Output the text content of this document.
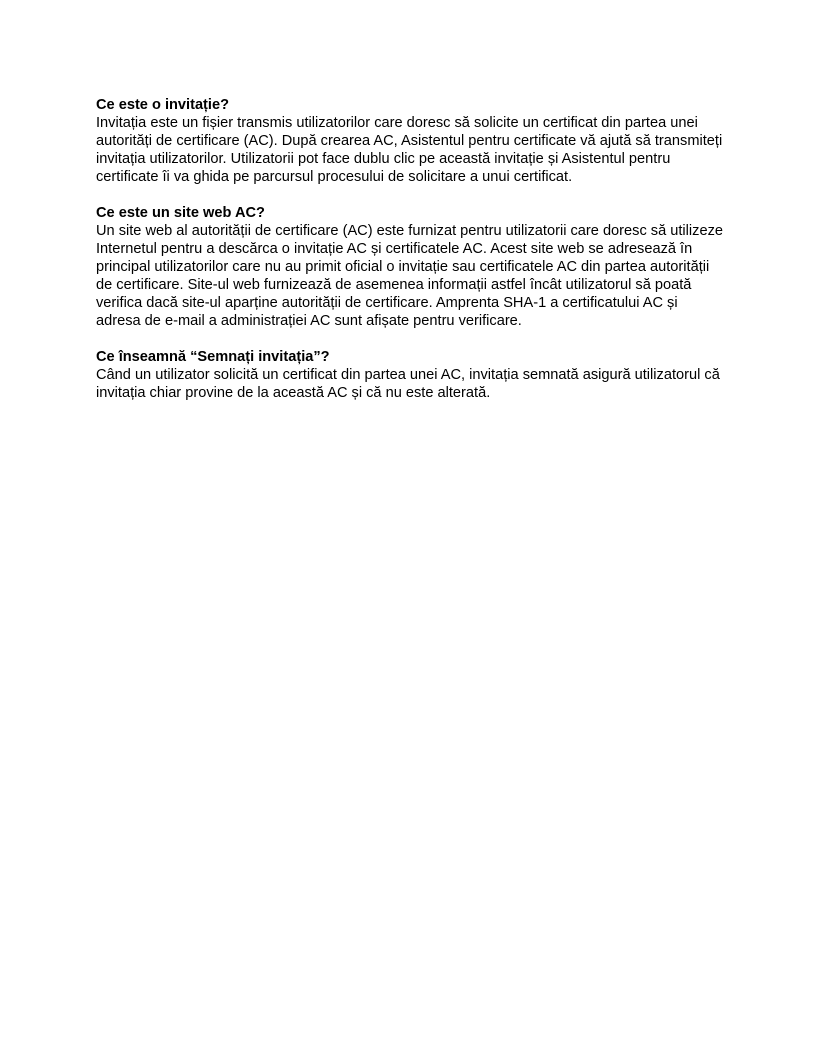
Ce este o invitație?

Invitația este un fișier transmis utilizatorilor care doresc să solicite un certificat din partea unei autorități de certificare (AC). După crearea AC, Asistentul pentru certificate vă ajută să transmiteți invitația utilizatorilor. Utilizatorii pot face dublu clic pe această invitație și Asistentul pentru certificate îi va ghida pe parcursul procesului de solicitare a unui certificat.

Ce este un site web AC?

Un site web al autorității de certificare (AC) este furnizat pentru utilizatorii care doresc să utilizeze Internetul pentru a descărca o invitație AC și certificatele AC. Acest site web se adresează în principal utilizatorilor care nu au primit oficial o invitație sau certificatele AC din partea autorității de certificare. Site-ul web furnizează de asemenea informații astfel încât utilizatorul să poată verifica dacă site-ul aparține autorității de certificare. Amprenta SHA-1 a certificatului AC și adresa de e-mail a administrației AC sunt afișate pentru verificare.

Ce înseamnă “Semnați invitația”?

Când un utilizator solicită un certificat din partea unei AC, invitația semnată asigură utilizatorul că invitația chiar provine de la această AC și că nu este alterată.
